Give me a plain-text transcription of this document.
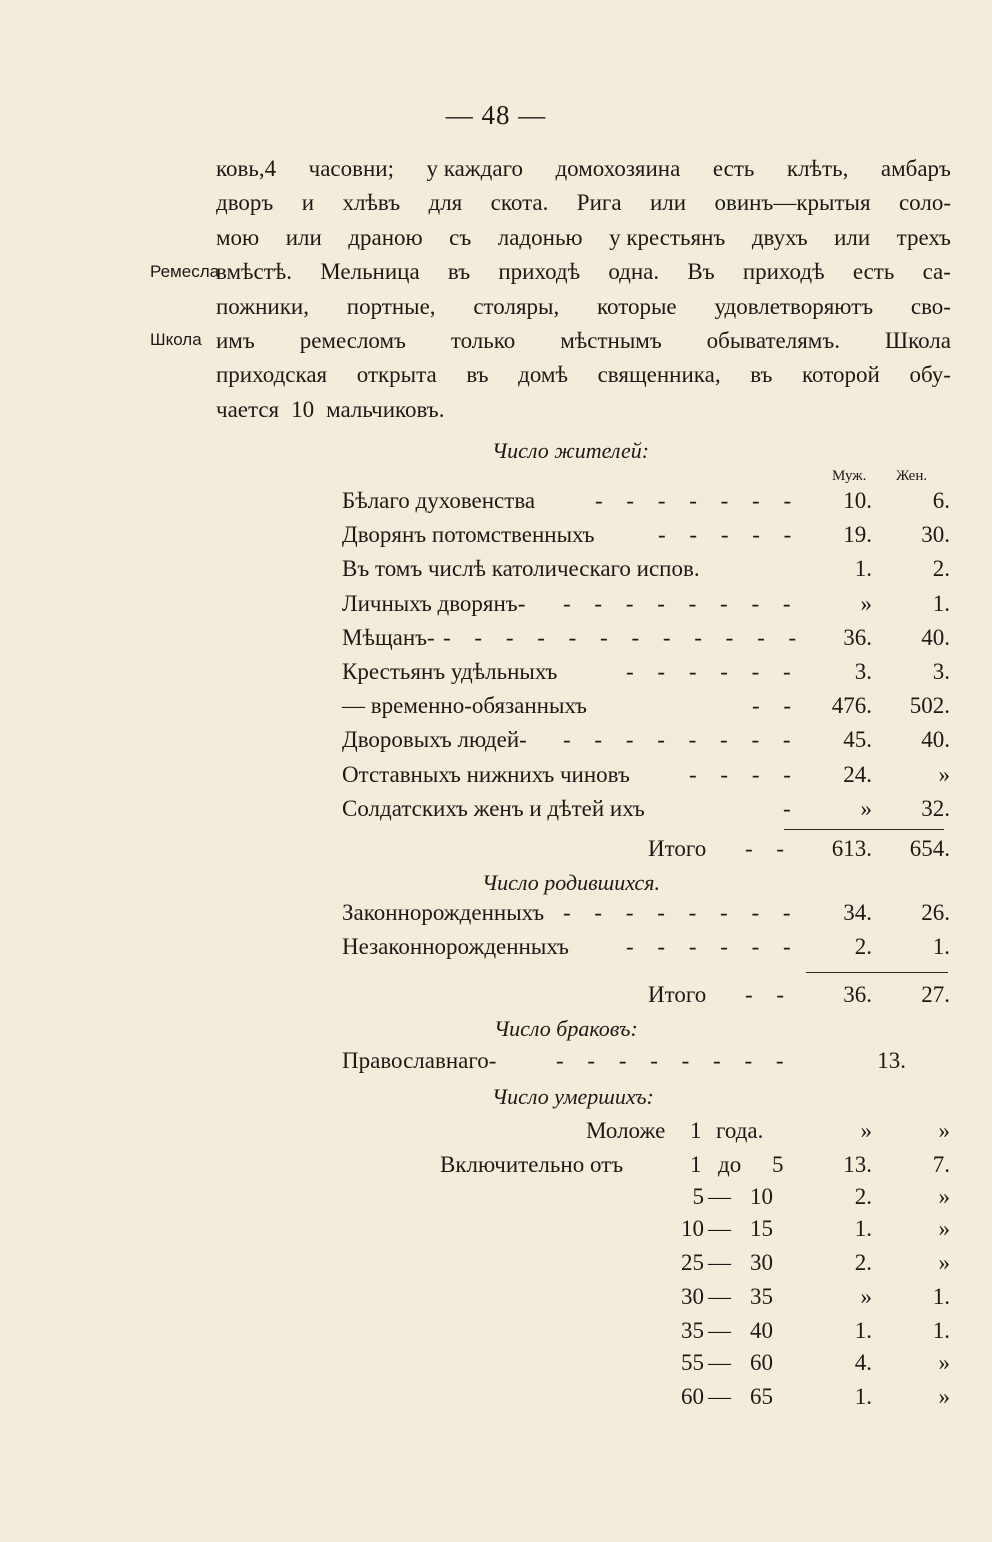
— 48 —
ковь,4 часовни; у каждаго домохозяина есть клѣть, амбаръ
дворъ и хлѣвъ для скота. Рига или овинъ—крытыя соло-
мою или драною съ ладонью у крестьянъ двухъ или трехъ
вмѣстѣ. Мельница въ приходѣ одна. Въ приходѣ есть са-
пожники, портные, столяры, которые удовлетворяютъ сво-
имъ ремесломъ только мѣстнымъ обывателямъ. Школа
приходская открыта въ домѣ священника, въ которой обу-
чается 10 мальчиковъ.
Ремесла
Школа
Число жителей:
Муж. Жен.
Бѣлаго духовенства	- - - - - - - 10.	6.
Дворянъ потомственныхъ	- - - - - 19. 30.
Въ томъ числѣ католическаго испов.	1.	2.
Личныхъ дворянъ- - - - - - - - -	»	1.
Мѣщанъ- - - - - - - - - - - - - 36. 40.
Крестьянъ удѣльныхъ	- - - - - - 3.	3.
— временно-обязанныхъ	- - 476. 502.
Дворовыхъ людей- - - - - - - - - 45. 40.
Отставныхъ нижнихъ чиновъ	- - - - 24.	»
Солдатскихъ женъ и дѣтей ихъ	-	» 32.
Итого - - 613. 654.
Число родившихся.
Законнорожденныхъ - - - - - - - - 34. 26.
Незаконнорожденныхъ - - - - - - 2.	1.
Итого - - 36. 27.
Число браковъ:
Православнаго-	- - - - - - - -	13.
Число умершихъ:
Моложе 1 года.	»	»
Включительно отъ	1 до 5	13.	7.
5 — 10	2.	»
10 — 15	1.	»
25 — 30	2.	»
30 — 35	»	1.
35 — 40	1.	1.
55 — 60	4.	»
60 — 65	1.	»
